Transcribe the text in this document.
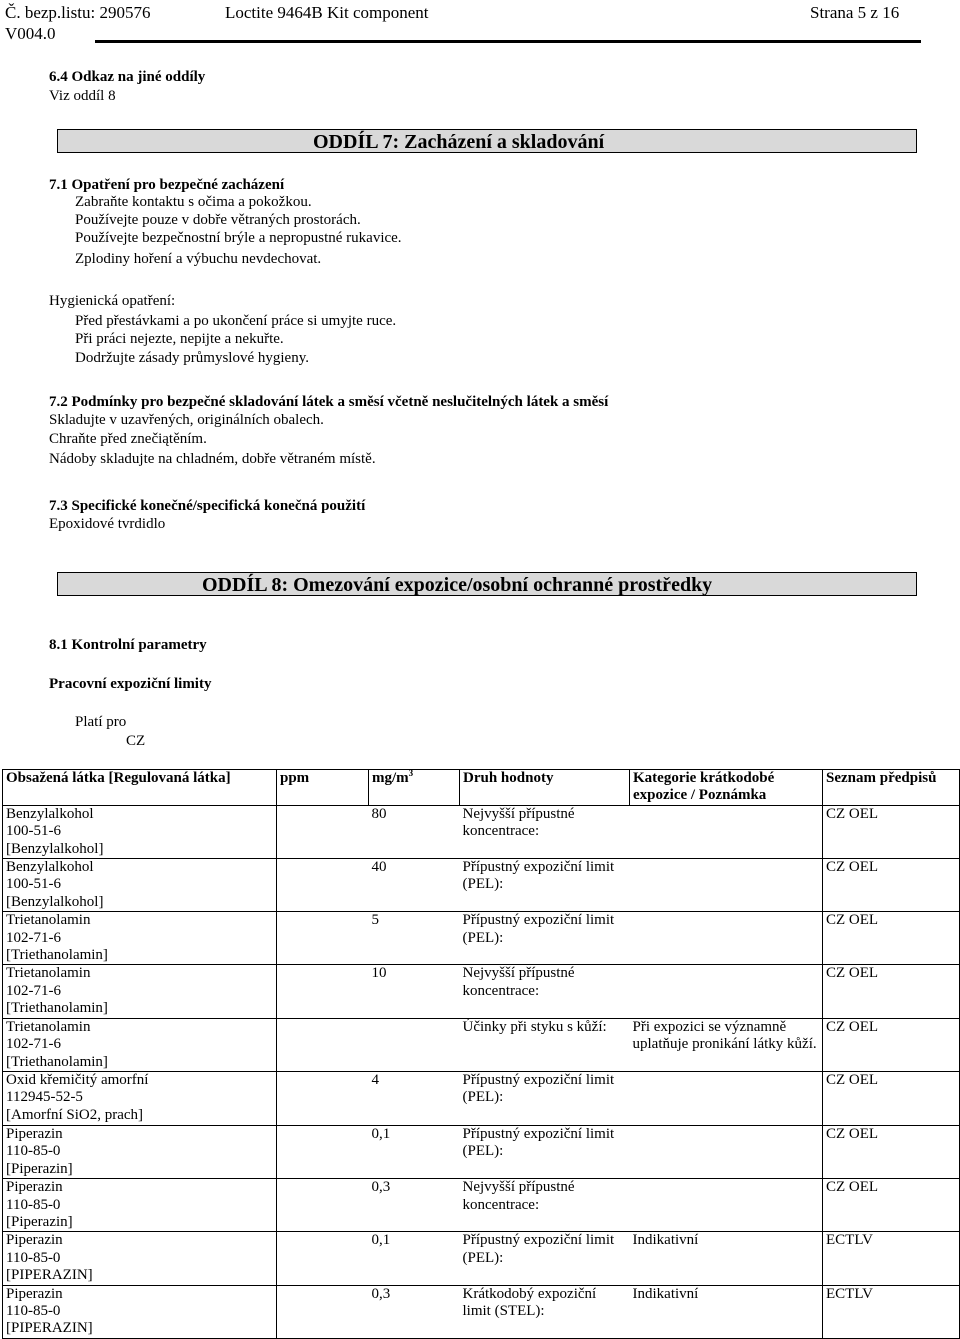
Č. bezp.listu: 290576	Loctite 9464B Kit component	Strana 5 z 16
V004.0
6.4 Odkaz na jiné oddíly
Viz oddíl 8
ODDÍL 7: Zacházení a skladování
7.1 Opatření pro bezpečné zacházení
Zabraňte kontaktu s očima a pokožkou.
Používejte pouze v dobře větraných prostorách.
Používejte bezpečnostní brýle a nepropustné rukavice.
Zplodiny hoření a výbuchu nevdechovat.
Hygienická opatření:
Před přestávkami a po ukončení práce si umyjte ruce.
Při práci nejezte, nepijte a nekuřte.
Dodržujte zásady průmyslové hygieny.
7.2 Podmínky pro bezpečné skladování látek a směsí včetně neslučitelných látek a směsí
Skladujte v uzavřených, originálních obalech.
Chraňte před znečiątěním.
Nádoby skladujte na chladném, dobře větraném místě.
7.3 Specifické konečné/specifická konečná použití
Epoxidové tvrdidlo
ODDÍL 8: Omezování expozice/osobní ochranné prostředky
8.1 Kontrolní parametry
Pracovní expoziční limity
Platí pro
CZ
Obsažená látka [Regulovaná látka]	ppm	$mg/m^3$	Druh hodnoty	Kategorie krátkodobé
expozice / Poznámka	Seznam předpisů

Benzylalkohol
100-51-6
[Benzylalkohol]		80	Nejvyšší přípustné
koncentrace:		CZ OEL

Benzylalkohol
100-51-6
[Benzylalkohol]		40	Přípustný expoziční limit
(PEL):		CZ OEL

Trietanolamin
102-71-6
[Triethanolamin]		5	Přípustný expoziční limit
(PEL):		CZ OEL

Trietanolamin
102-71-6
[Triethanolamin]		10	Nejvyšší přípustné
koncentrace:		CZ OEL

Trietanolamin
102-71-6
[Triethanolamin]			Účinky při styku s kůží:	Při expozici se významně
uplatňuje pronikání látky kůží.	CZ OEL

Oxid křemičitý amorfní
112945-52-5
[Amorfní SiO2, prach]		4	Přípustný expoziční limit
(PEL):		CZ OEL

Piperazin
110-85-0
[Piperazin]		0,1	Přípustný expoziční limit
(PEL):		CZ OEL

Piperazin
110-85-0
[Piperazin]		0,3	Nejvyšší přípustné
koncentrace:		CZ OEL

Piperazin
110-85-0
[PIPERAZIN]		0,1	Přípustný expoziční limit
(PEL):	Indikativní	ECTLV

Piperazin
110-85-0
[PIPERAZIN]		0,3	Krátkodobý expoziční
limit (STEL):	Indikativní	ECTLV
